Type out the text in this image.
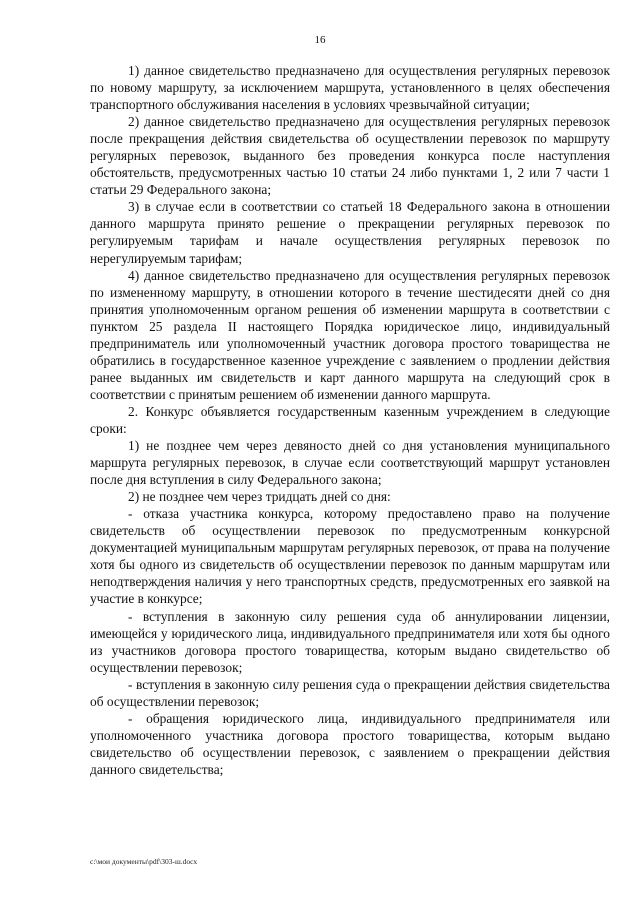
16

1) данное свидетельство предназначено для осуществления регулярных перевозок по новому маршруту, за исключением маршрута, установленного в целях обеспечения транспортного обслуживания населения в условиях чрезвычайной ситуации;

2) данное свидетельство предназначено для осуществления регулярных перевозок после прекращения действия свидетельства об осуществлении перевозок по маршруту регулярных перевозок, выданного без проведения конкурса после наступления обстоятельств, предусмотренных частью 10 статьи 24 либо пунктами 1, 2 или 7 части 1 статьи 29 Федерального закона;

3) в случае если в соответствии со статьей 18 Федерального закона в отношении данного маршрута принято решение о прекращении регулярных перевозок по регулируемым тарифам и начале осуществления регулярных перевозок по нерегулируемым тарифам;

4) данное свидетельство предназначено для осуществления регулярных перевозок по измененному маршруту, в отношении которого в течение шестидесяти дней со дня принятия уполномоченным органом решения об изменении маршрута в соответствии с пунктом 25 раздела II настоящего Порядка юридическое лицо, индивидуальный предприниматель или уполномоченный участник договора простого товарищества не обратились в государственное казенное учреждение с заявлением о продлении действия ранее выданных им свидетельств и карт данного маршрута на следующий срок в соответствии с принятым решением об изменении данного маршрута.

2. Конкурс объявляется государственным казенным учреждением в следующие сроки:

1) не позднее чем через девяносто дней со дня установления муниципального маршрута регулярных перевозок, в случае если соответствующий маршрут установлен после дня вступления в силу Федерального закона;

2) не позднее чем через тридцать дней со дня:

- отказа участника конкурса, которому предоставлено право на получение свидетельств об осуществлении перевозок по предусмотренным конкурсной документацией муниципальным маршрутам регулярных перевозок, от права на получение хотя бы одного из свидетельств об осуществлении перевозок по данным маршрутам или неподтверждения наличия у него транспортных средств, предусмотренных его заявкой на участие в конкурсе;

- вступления в законную силу решения суда об аннулировании лицензии, имеющейся у юридического лица, индивидуального предпринимателя или хотя бы одного из участников договора простого товарищества, которым выдано свидетельство об осуществлении перевозок;

- вступления в законную силу решения суда о прекращении действия свидетельства об осуществлении перевозок;

- обращения юридического лица, индивидуального предпринимателя или уполномоченного участника договора простого товарищества, которым выдано свидетельство об осуществлении перевозок, с заявлением о прекращении действия данного свидетельства;

c:\мои документы\pdf\303-ш.docx
